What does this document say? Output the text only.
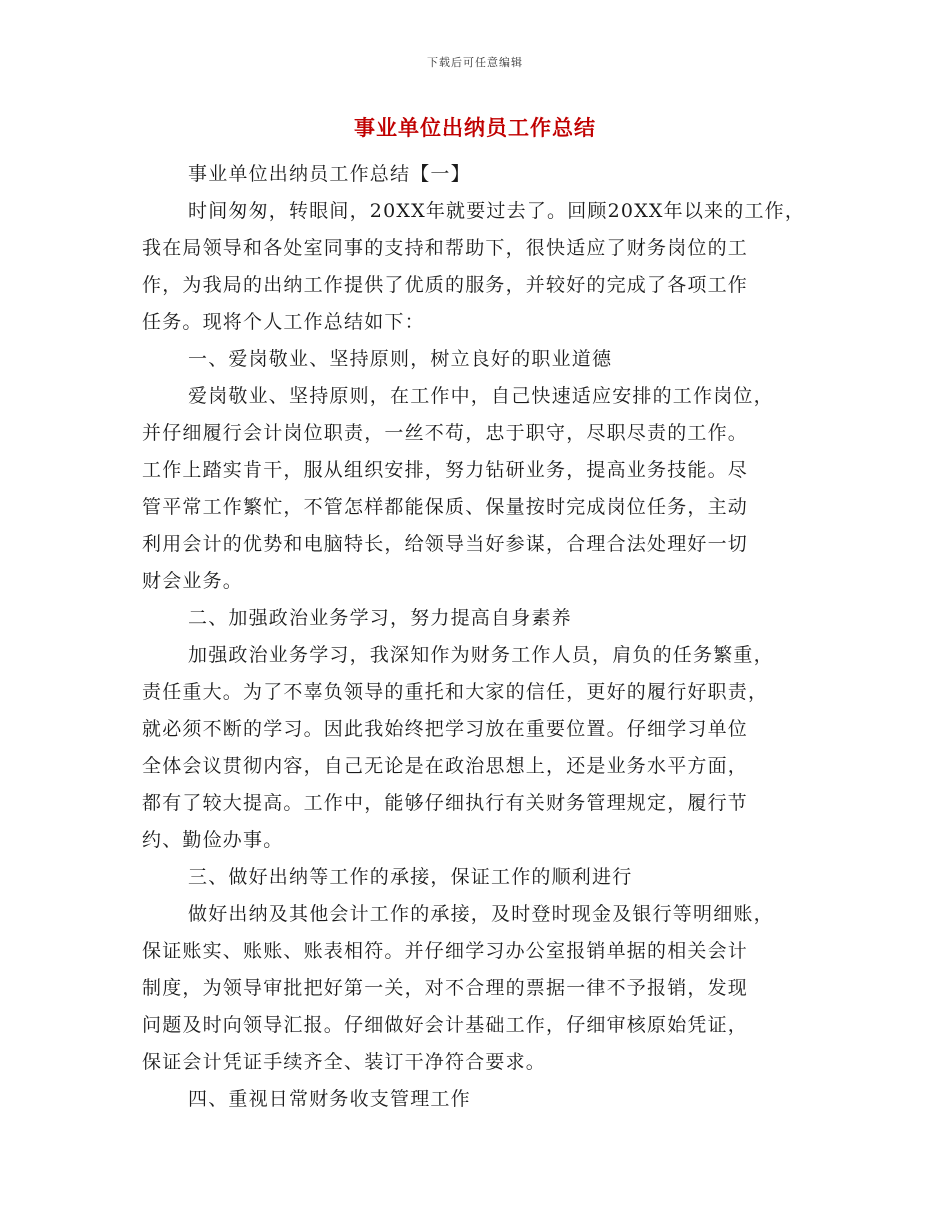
下载后可任意编辑
事业单位出纳员工作总结
事业单位出纳员工作总结【一】
时间匆匆，转眼间，20XX年就要过去了。回顾20XX年以来的工作，
我在局领导和各处室同事的支持和帮助下，很快适应了财务岗位的工
作，为我局的出纳工作提供了优质的服务，并较好的完成了各项工作
任务。现将个人工作总结如下：
一、爱岗敬业、坚持原则，树立良好的职业道德
爱岗敬业、坚持原则，在工作中，自己快速适应安排的工作岗位，
并仔细履行会计岗位职责，一丝不苟，忠于职守，尽职尽责的工作。
工作上踏实肯干，服从组织安排，努力钻研业务，提高业务技能。尽
管平常工作繁忙，不管怎样都能保质、保量按时完成岗位任务，主动
利用会计的优势和电脑特长，给领导当好参谋，合理合法处理好一切
财会业务。
二、加强政治业务学习，努力提高自身素养
加强政治业务学习，我深知作为财务工作人员，肩负的任务繁重，
责任重大。为了不辜负领导的重托和大家的信任，更好的履行好职责，
就必须不断的学习。因此我始终把学习放在重要位置。仔细学习单位
全体会议贯彻内容，自己无论是在政治思想上，还是业务水平方面，
都有了较大提高。工作中，能够仔细执行有关财务管理规定，履行节
约、勤俭办事。
三、做好出纳等工作的承接，保证工作的顺利进行
做好出纳及其他会计工作的承接，及时登时现金及银行等明细账，
保证账实、账账、账表相符。并仔细学习办公室报销单据的相关会计
制度，为领导审批把好第一关，对不合理的票据一律不予报销，发现
问题及时向领导汇报。仔细做好会计基础工作，仔细审核原始凭证，
保证会计凭证手续齐全、装订干净符合要求。
四、重视日常财务收支管理工作
